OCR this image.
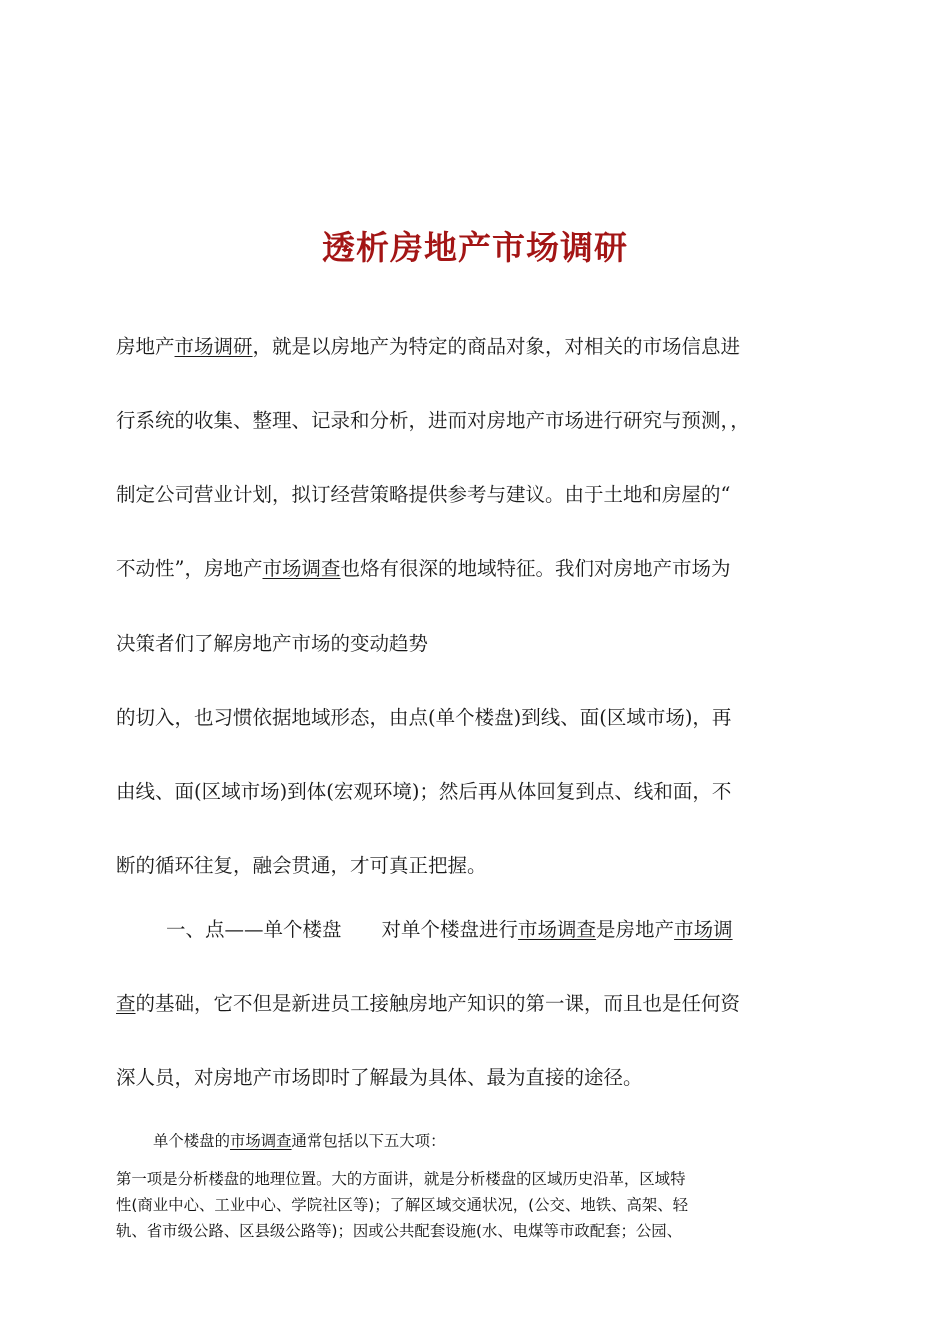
透析房地产市场调研
房地产市场调研，就是以房地产为特定的商品对象，对相关的市场信息进
行系统的收集、整理、记录和分析，进而对房地产市场进行研究与预测，，
制定公司营业计划，拟订经营策略提供参考与建议。由于土地和房屋的“
不动性”，房地产市场调查也烙有很深的地域特征。我们对房地产市场为
决策者们了解房地产市场的变动趋势
的切入，也习惯依据地域形态，由点(单个楼盘)到线、面(区域市场)，再
由线、面(区域市场)到体(宏观环境)；然后再从体回复到点、线和面，不
断的循环往复，融会贯通，才可真正把握。
一、点——单个楼盘 对单个楼盘进行市场调查是房地产市场调
查的基础，它不但是新进员工接触房地产知识的第一课，而且也是任何资
深人员，对房地产市场即时了解最为具体、最为直接的途径。
单个楼盘的市场调查通常包括以下五大项：
第一项是分析楼盘的地理位置。大的方面讲，就是分析楼盘的区域历史沿革，区域特
性(商业中心、工业中心、学院社区等)；了解区域交通状况，(公交、地铁、高架、轻
轨、省市级公路、区县级公路等)；因或公共配套设施(水、电煤等市政配套；公园、
